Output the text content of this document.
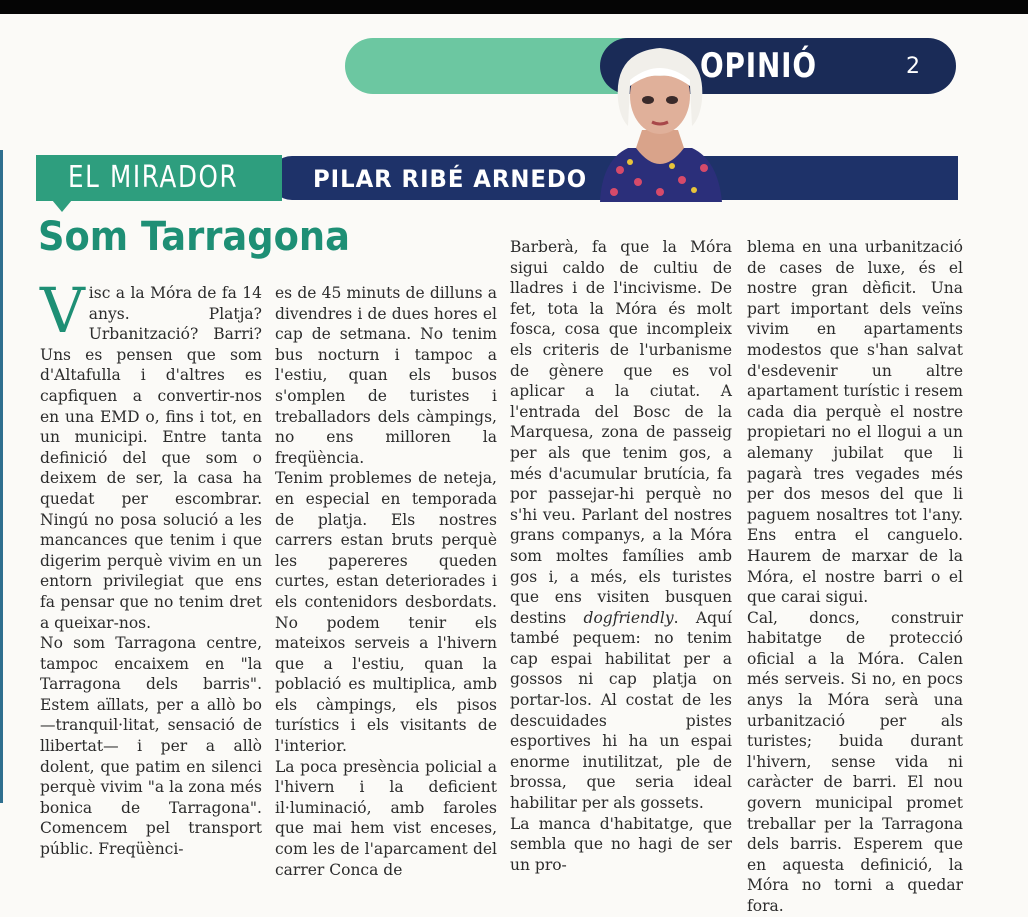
OPINIÓ	2
PILAR RIBÉ ARNEDO
EL MIRADOR
Som Tarragona

Visc a la Móra de fa 14 anys. Platja? Urbanització? Barri? Uns es pensen que som d'Altafulla i d'altres es capfiquen a convertir-nos en una EMD o, fins i tot, en un municipi. Entre tanta definició del que som o deixem de ser, la casa ha quedat per escombrar. Ningú no posa solució a les mancances que tenim i que digerim perquè vivim en un entorn privilegiat que ens fa pensar que no tenim dret a queixar-nos.

No som Tarragona centre, tampoc encaixem en "la Tarragona dels barris". Estem aïllats, per a allò bo —tranquil·litat, sensació de llibertat— i per a allò dolent, que patim en silenci perquè vivim "a la zona més bonica de Tarragona". Comencem pel transport públic. Freqüènci-

es de 45 minuts de dilluns a divendres i de dues hores el cap de setmana. No tenim bus nocturn i tampoc a l'estiu, quan els busos s'omplen de turistes i treballadors dels càmpings, no ens milloren la freqüència.

Tenim problemes de neteja, en especial en temporada de platja. Els nostres carrers estan bruts perquè les papereres queden curtes, estan deteriorades i els contenidors desbordats. No podem tenir els mateixos serveis a l'hivern que a l'estiu, quan la població es multiplica, amb els càmpings, els pisos turístics i els visitants de l'interior.

La poca presència policial a l'hivern i la deficient il·luminació, amb faroles que mai hem vist enceses, com les de l'aparcament del carrer Conca de

Barberà, fa que la Móra sigui caldo de cultiu de lladres i de l'incivisme. De fet, tota la Móra és molt fosca, cosa que incompleix els criteris de l'urbanisme de gènere que es vol aplicar a la ciutat. A l'entrada del Bosc de la Marquesa, zona de passeig per als que tenim gos, a més d'acumular brutícia, fa por passejar-hi perquè no s'hi veu. Parlant del nostres grans companys, a la Móra som moltes famílies amb gos i, a més, els turistes que ens visiten busquen destins dogfriendly. Aquí també pequem: no tenim cap espai habilitat per a gossos ni cap platja on portar-los. Al costat de les descuidades pistes esportives hi ha un espai enorme inutilitzat, ple de brossa, que seria ideal habilitar per als gossets.

La manca d'habitatge, que sembla que no hagi de ser un pro-

blema en una urbanització de cases de luxe, és el nostre gran dèficit. Una part important dels veïns vivim en apartaments modestos que s'han salvat d'esdevenir un altre apartament turístic i resem cada dia perquè el nostre propietari no el llogui a un alemany jubilat que li pagarà tres vegades més per dos mesos del que li paguem nosaltres tot l'any. Ens entra el canguelo. Haurem de marxar de la Móra, el nostre barri o el que carai sigui.

Cal, doncs, construir habitatge de protecció oficial a la Móra. Calen més serveis. Si no, en pocs anys la Móra serà una urbanització per als turistes; buida durant l'hivern, sense vida ni caràcter de barri. El nou govern municipal promet treballar per la Tarragona dels barris. Esperem que en aquesta definició, la Móra no torni a quedar fora.
